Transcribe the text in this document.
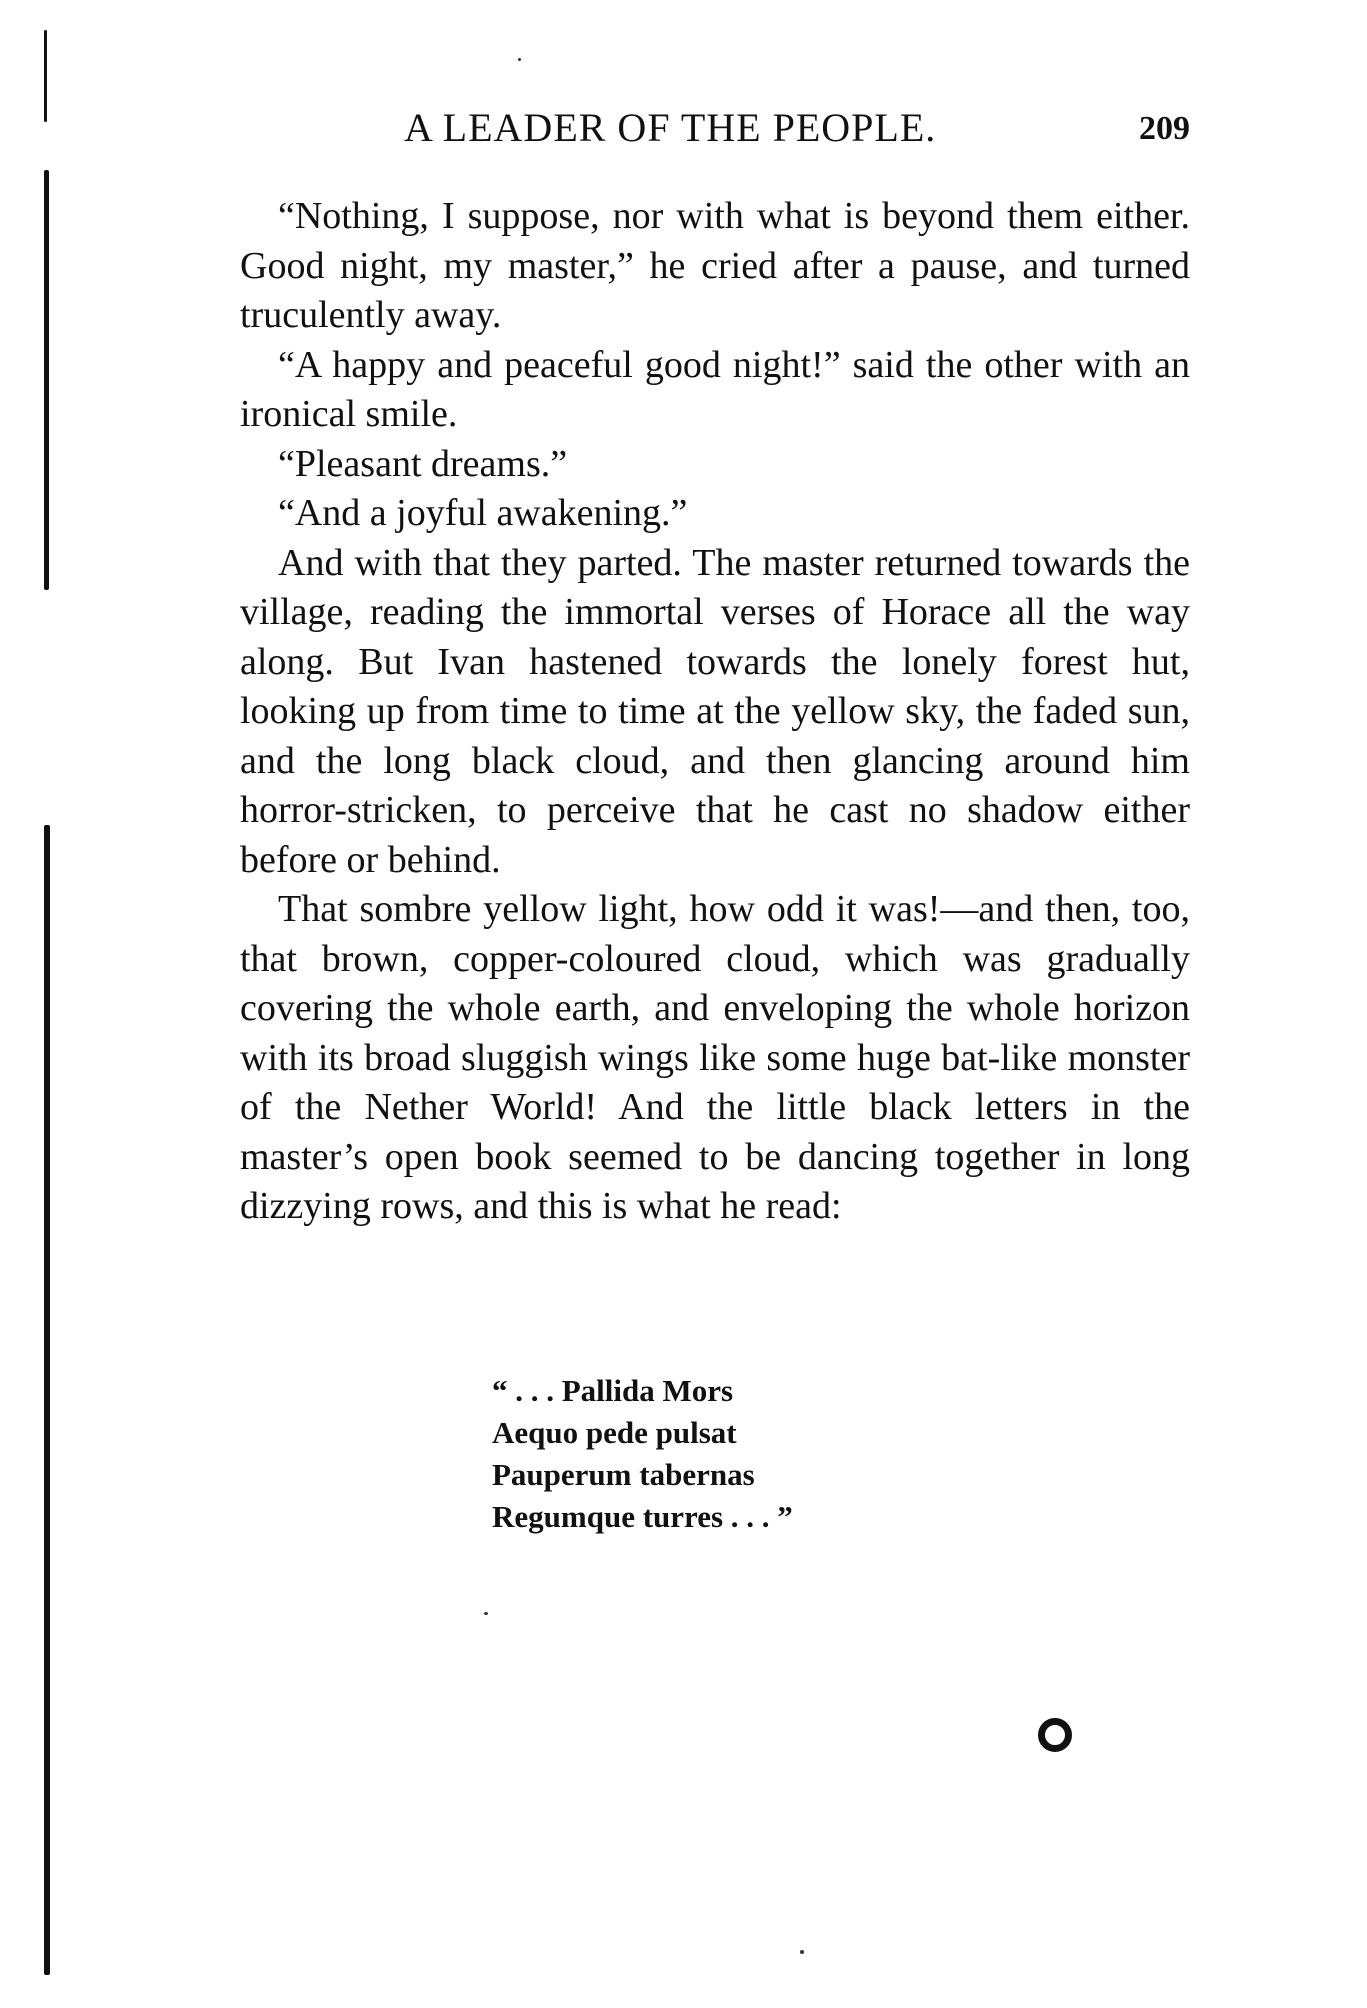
A LEADER OF THE PEOPLE.	209

“Nothing, I suppose, nor with what is beyond them either. Good night, my master,” he cried after a pause, and turned truculently away.

“A happy and peaceful good night!” said the other with an ironical smile.

“Pleasant dreams.”

“And a joyful awakening.”

And with that they parted. The master returned towards the village, reading the immortal verses of Horace all the way along. But Ivan hastened towards the lonely forest hut, looking up from time to time at the yellow sky, the faded sun, and the long black cloud, and then glancing around him horror-stricken, to perceive that he cast no shadow either before or behind.

That sombre yellow light, how odd it was!—and then, too, that brown, copper-coloured cloud, which was gradually covering the whole earth, and enveloping the whole horizon with its broad sluggish wings like some huge bat-like monster of the Nether World! And the little black letters in the master’s open book seemed to be dancing together in long dizzying rows, and this is what he read:

“ . . . Pallida Mors
Aequo pede pulsat
Pauperum tabernas
Regumque turres . . . ”
